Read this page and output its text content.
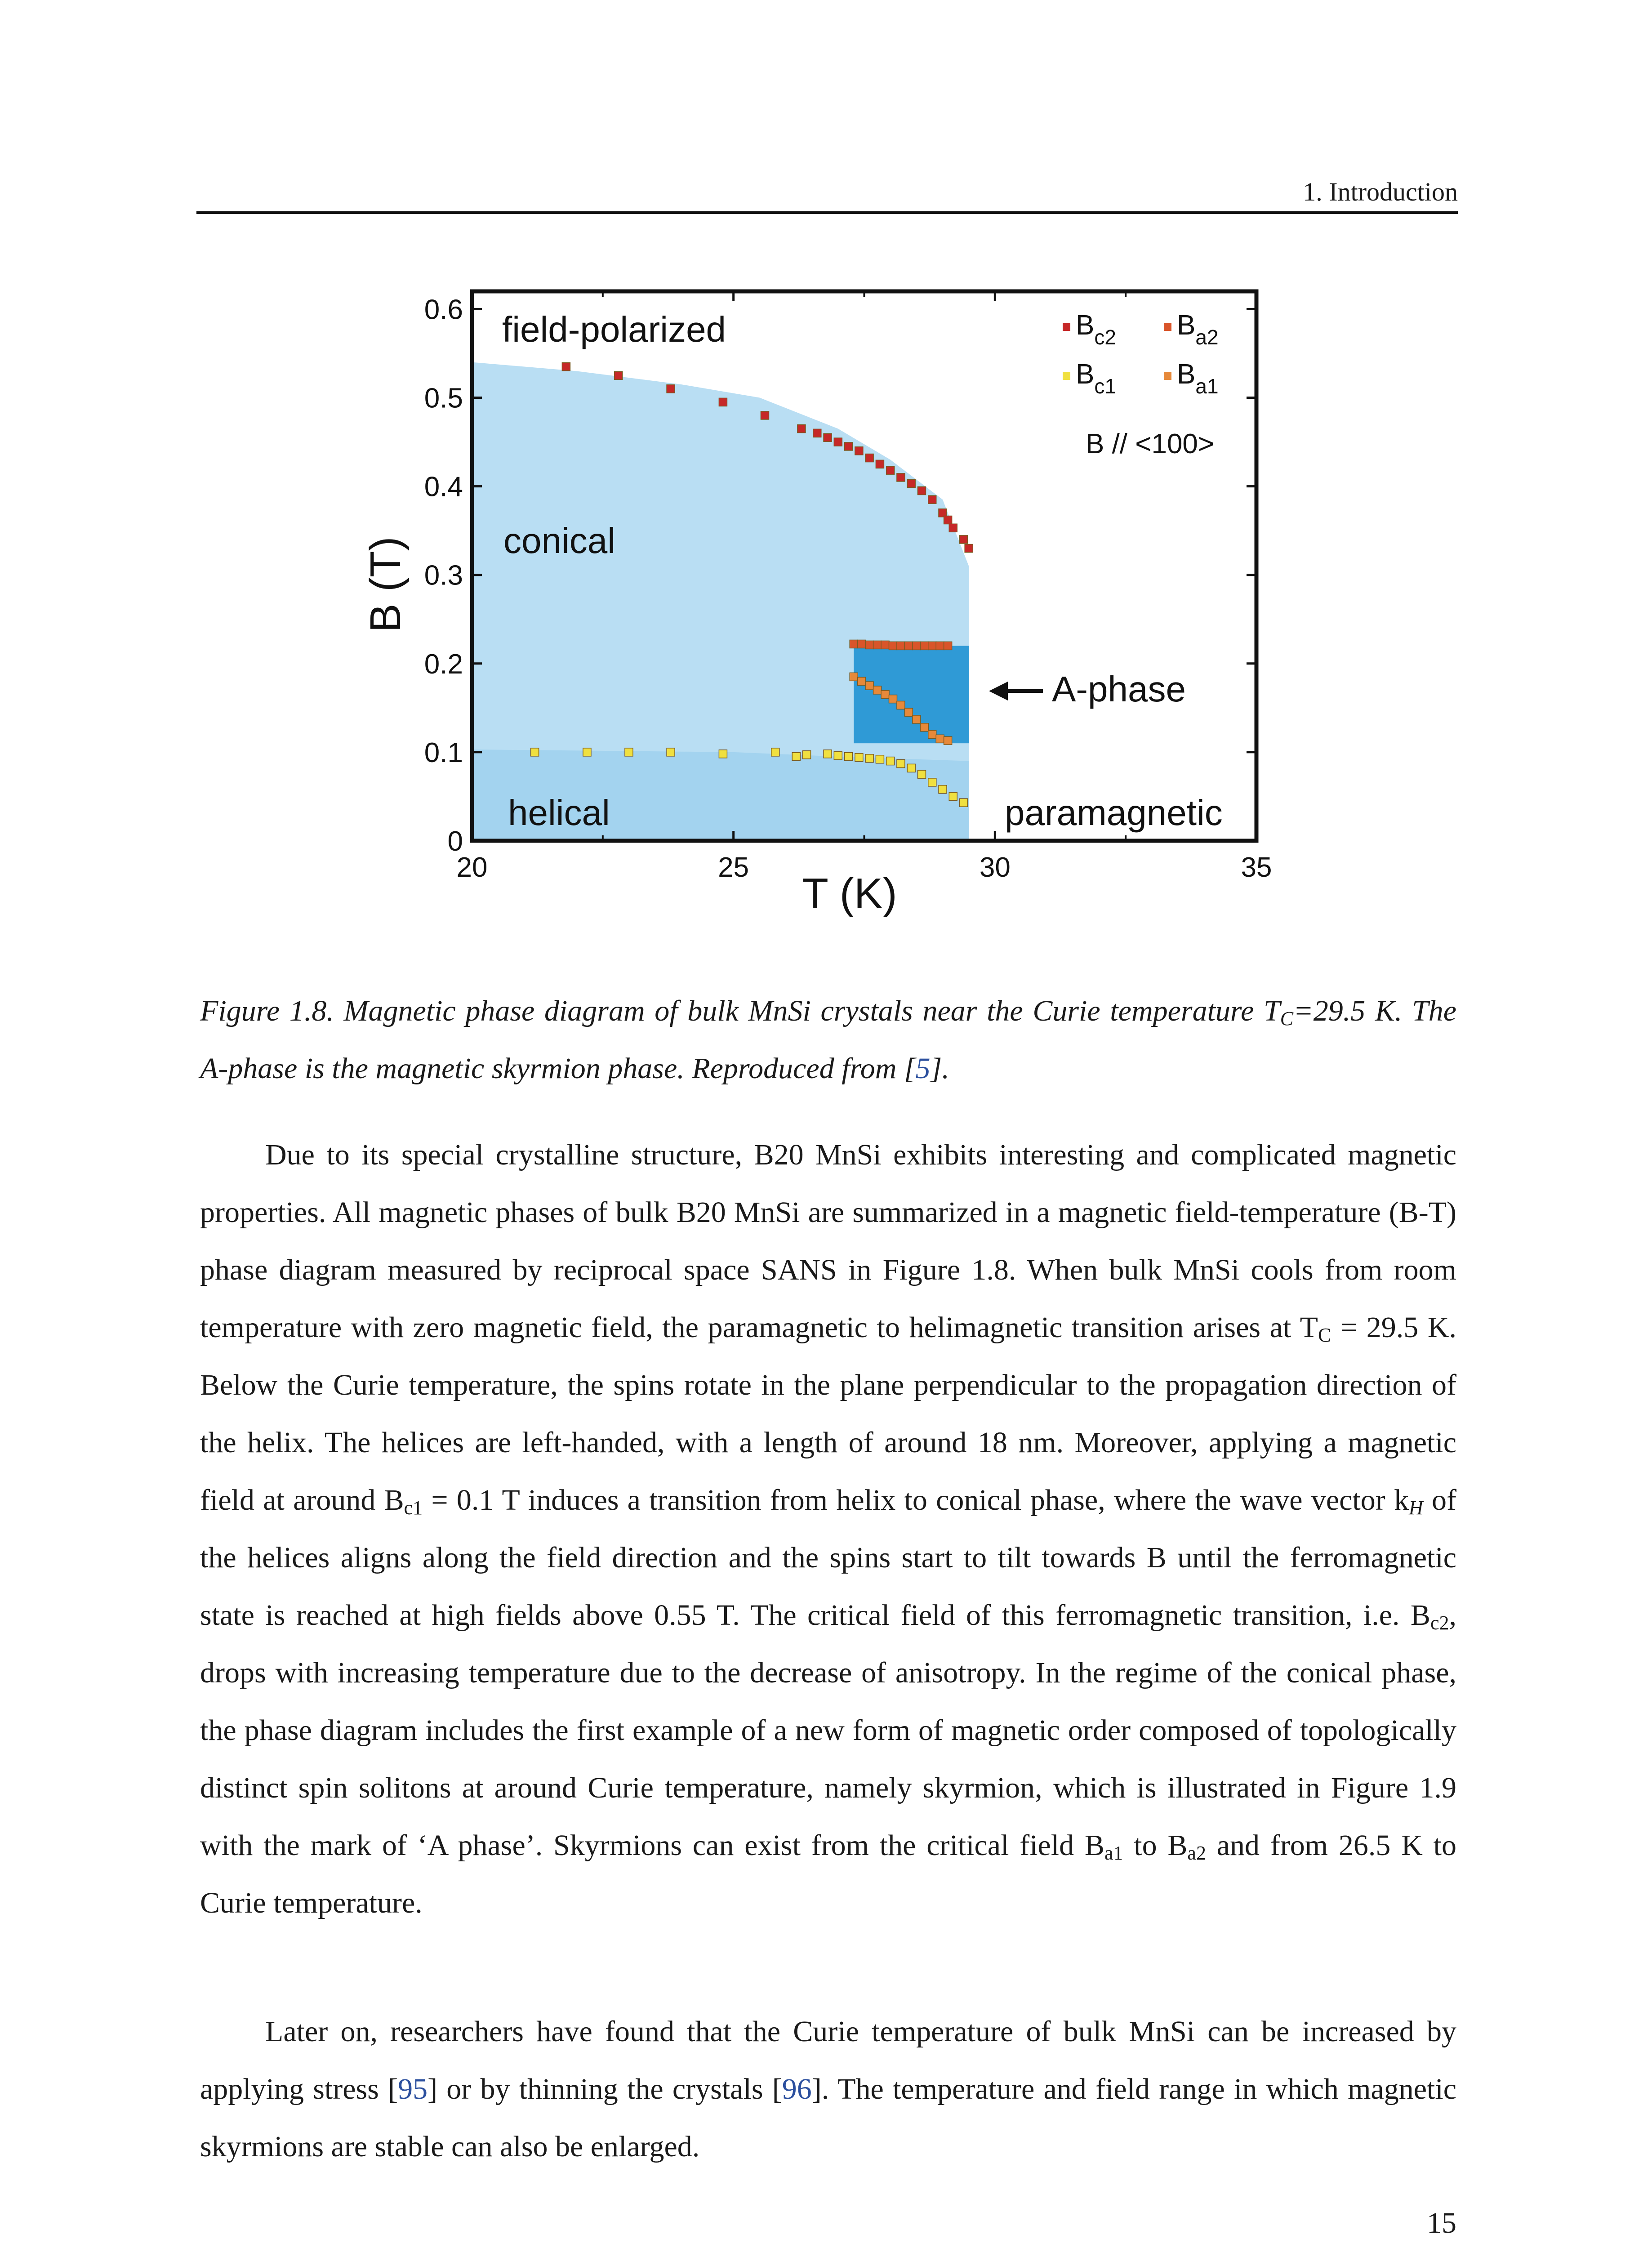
1. Introduction
20	25	30	35
0
0.1
0.2
0.3
0.4
0.5
0.6 field-polarized
conical
helical
A-phase
paramagnetic
$B_{c2}$ $B_{a2}$
$B_{c1}$ $B_{a1}$
B // <100>
T (K)
B (T)

Figure 1.8. Magnetic phase diagram of bulk MnSi crystals near the Curie temperature $T_C=29.5$ K. The A-phase is the magnetic skyrmion phase. Reproduced from [5].

Due to its special crystalline structure, B20 MnSi exhibits interesting and complicated magnetic properties. All magnetic phases of bulk B20 MnSi are summarized in a magnetic field-temperature (B-T) phase diagram measured by reciprocal space SANS in Figure 1.8. When bulk MnSi cools from room temperature with zero magnetic field, the paramagnetic to helimagnetic transition arises at $T_C = 29.5$ K. Below the Curie temperature, the spins rotate in the plane perpendicular to the propagation direction of the helix. The helices are left-handed, with a length of around 18 nm. Moreover, applying a magnetic field at around $B_{c1} = 0.1$ T induces a transition from helix to conical phase, where the wave vector $k_H$ of the helices aligns along the field direction and the spins start to tilt towards B until the ferromagnetic state is reached at high fields above 0.55 T. The critical field of this ferromagnetic transition, i.e. $B_{c2}$, drops with increasing temperature due to the decrease of anisotropy. In the regime of the conical phase, the phase diagram includes the first example of a new form of magnetic order composed of topologically distinct spin solitons at around Curie temperature, namely skyrmion, which is illustrated in Figure 1.9 with the mark of ‘A phase’. Skyrmions can exist from the critical field $B_{a1}$ to $B_{a2}$ and from 26.5 K to Curie temperature.

Later on, researchers have found that the Curie temperature of bulk MnSi can be increased by applying stress [95] or by thinning the crystals [96]. The temperature and field range in which magnetic skyrmions are stable can also be enlarged.

15
